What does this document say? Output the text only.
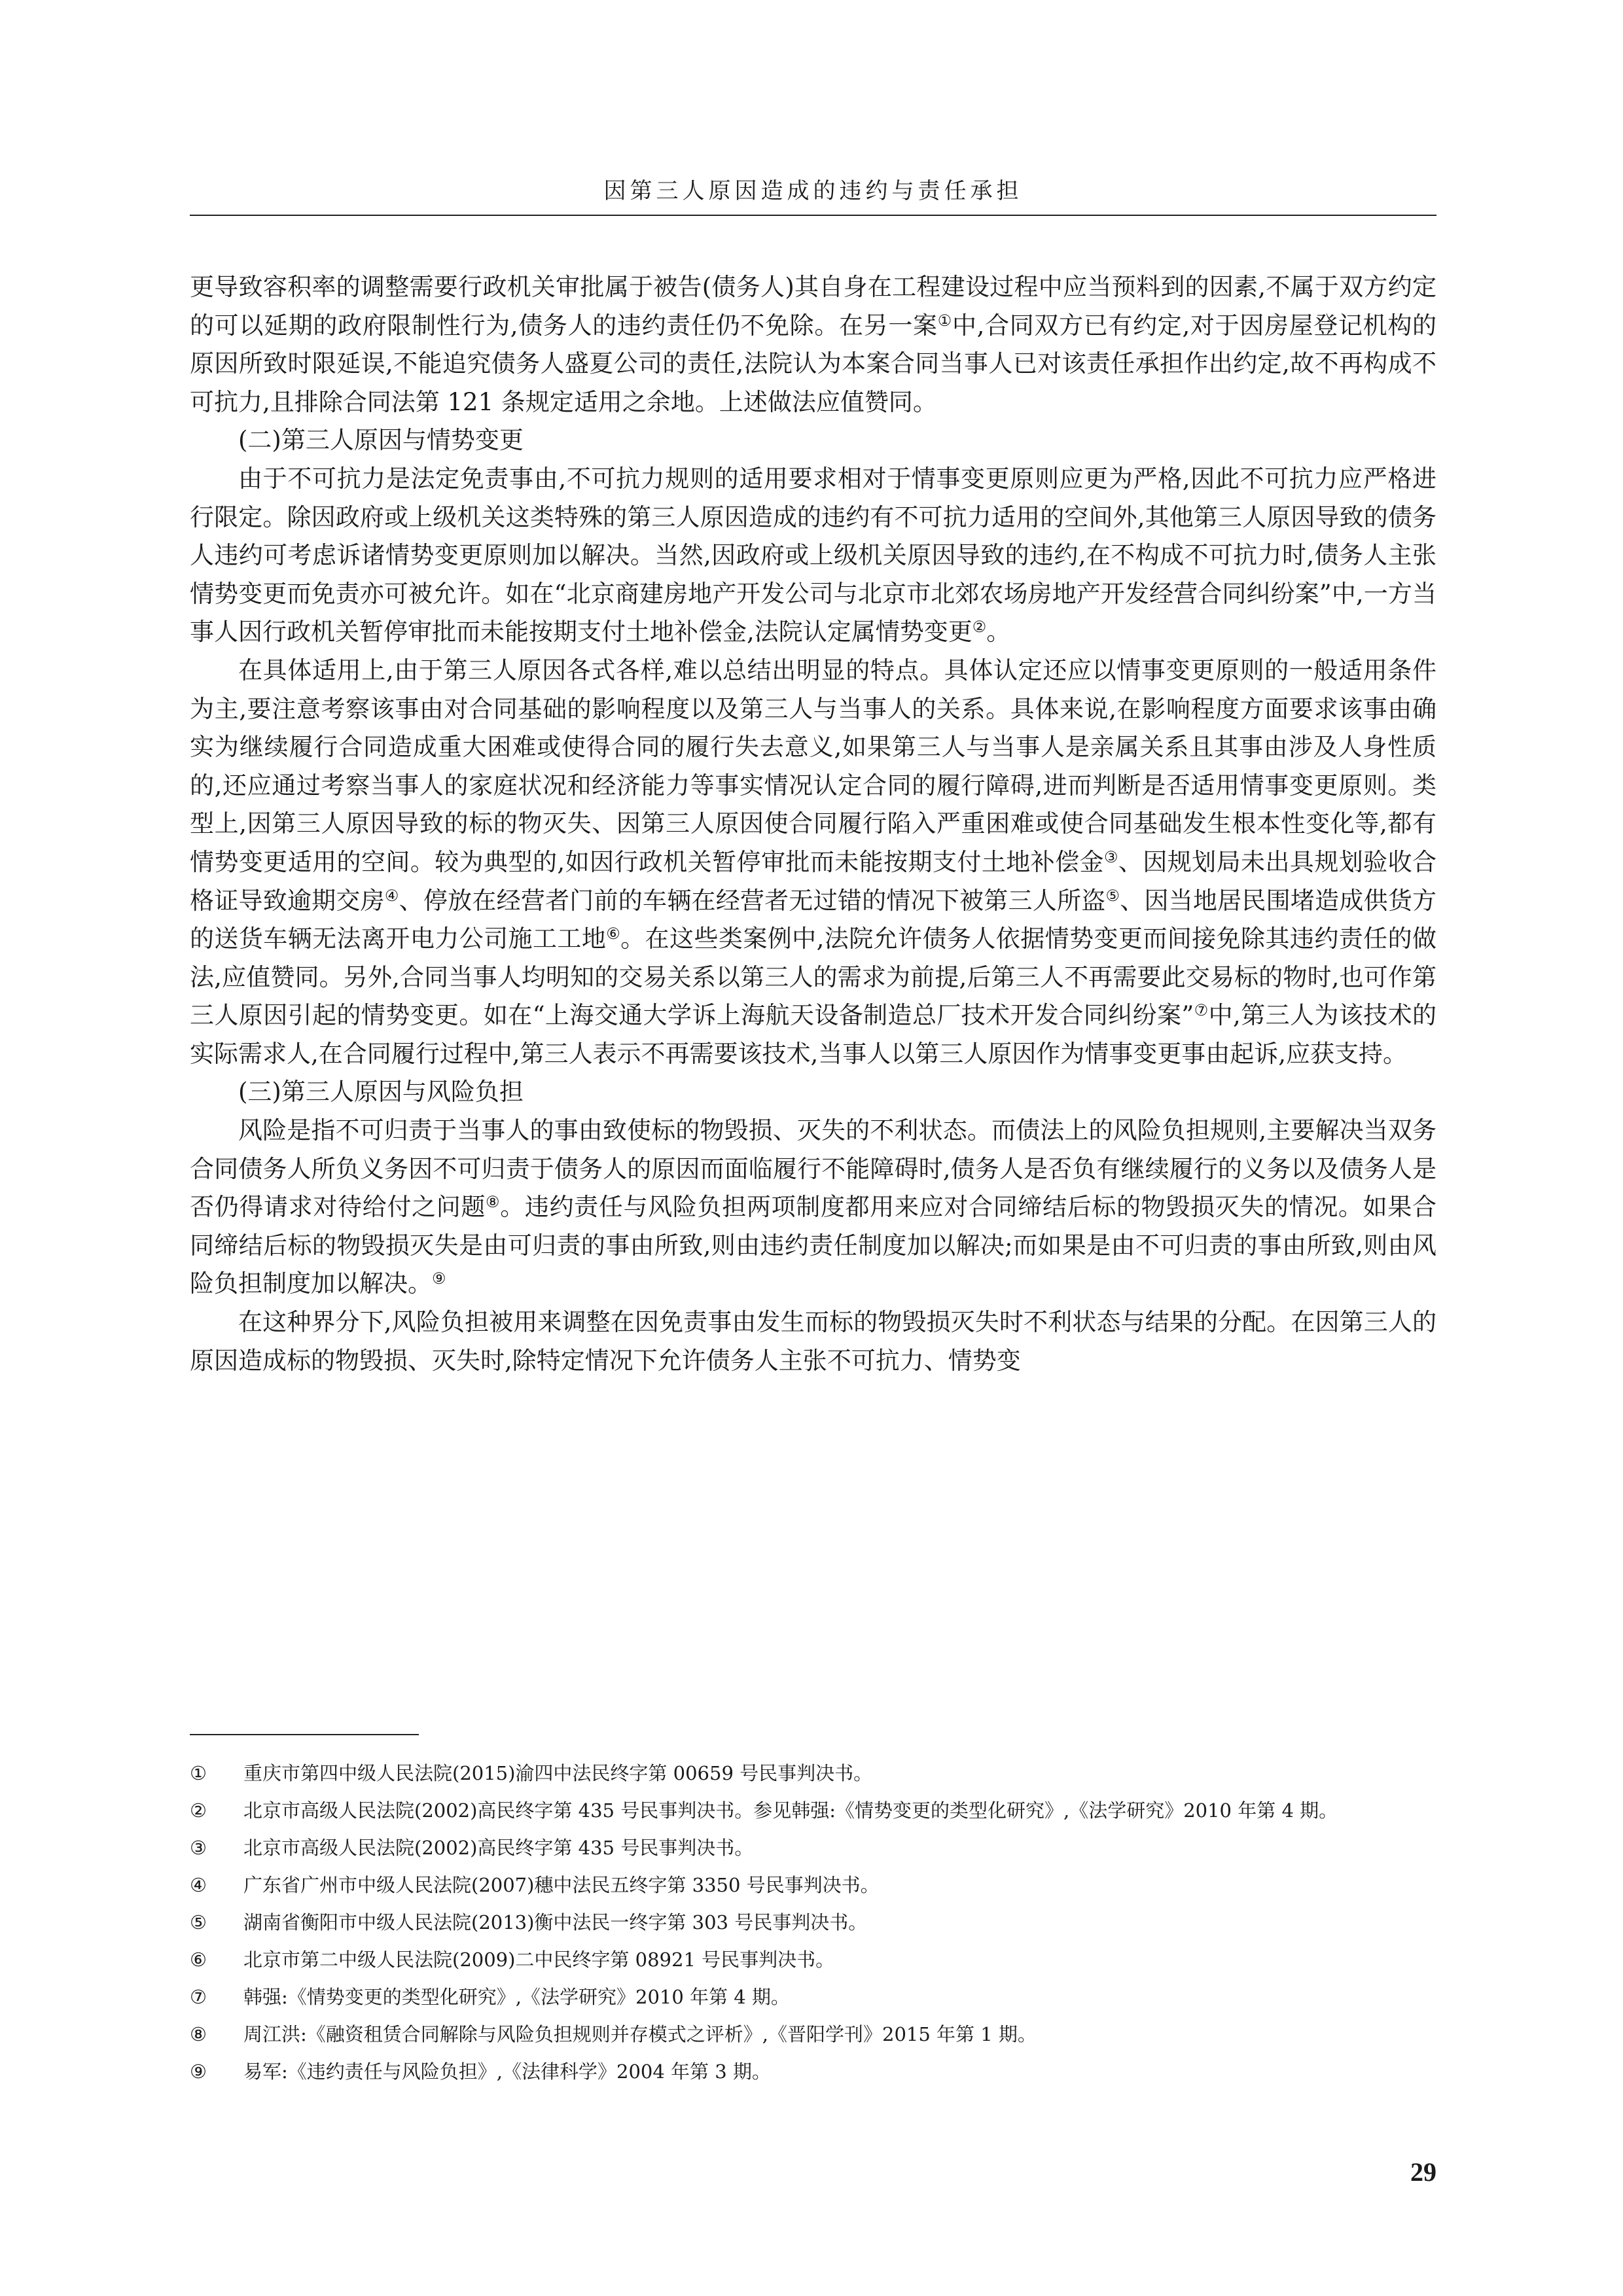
因第三人原因造成的违约与责任承担

更导致容积率的调整需要行政机关审批属于被告(债务人)其自身在工程建设过程中应当预料到的因素,不属于双方约定的可以延期的政府限制性行为,债务人的违约责任仍不免除。在另一案①中,合同双方已有约定,对于因房屋登记机构的原因所致时限延误,不能追究债务人盛夏公司的责任,法院认为本案合同当事人已对该责任承担作出约定,故不再构成不可抗力,且排除合同法第 121 条规定适用之余地。上述做法应值赞同。

(二)第三人原因与情势变更

由于不可抗力是法定免责事由,不可抗力规则的适用要求相对于情事变更原则应更为严格,因此不可抗力应严格进行限定。除因政府或上级机关这类特殊的第三人原因造成的违约有不可抗力适用的空间外,其他第三人原因导致的债务人违约可考虑诉诸情势变更原则加以解决。当然,因政府或上级机关原因导致的违约,在不构成不可抗力时,债务人主张情势变更而免责亦可被允许。如在“北京商建房地产开发公司与北京市北郊农场房地产开发经营合同纠纷案”中,一方当事人因行政机关暂停审批而未能按期支付土地补偿金,法院认定属情势变更②。

在具体适用上,由于第三人原因各式各样,难以总结出明显的特点。具体认定还应以情事变更原则的一般适用条件为主,要注意考察该事由对合同基础的影响程度以及第三人与当事人的关系。具体来说,在影响程度方面要求该事由确实为继续履行合同造成重大困难或使得合同的履行失去意义,如果第三人与当事人是亲属关系且其事由涉及人身性质的,还应通过考察当事人的家庭状况和经济能力等事实情况认定合同的履行障碍,进而判断是否适用情事变更原则。类型上,因第三人原因导致的标的物灭失、因第三人原因使合同履行陷入严重困难或使合同基础发生根本性变化等,都有情势变更适用的空间。较为典型的,如因行政机关暂停审批而未能按期支付土地补偿金③、因规划局未出具规划验收合格证导致逾期交房④、停放在经营者门前的车辆在经营者无过错的情况下被第三人所盗⑤、因当地居民围堵造成供货方的送货车辆无法离开电力公司施工工地⑥。在这些类案例中,法院允许债务人依据情势变更而间接免除其违约责任的做法,应值赞同。另外,合同当事人均明知的交易关系以第三人的需求为前提,后第三人不再需要此交易标的物时,也可作第三人原因引起的情势变更。如在“上海交通大学诉上海航天设备制造总厂技术开发合同纠纷案”⑦中,第三人为该技术的实际需求人,在合同履行过程中,第三人表示不再需要该技术,当事人以第三人原因作为情事变更事由起诉,应获支持。

(三)第三人原因与风险负担

风险是指不可归责于当事人的事由致使标的物毁损、灭失的不利状态。而债法上的风险负担规则,主要解决当双务合同债务人所负义务因不可归责于债务人的原因而面临履行不能障碍时,债务人是否负有继续履行的义务以及债务人是否仍得请求对待给付之问题⑧。违约责任与风险负担两项制度都用来应对合同缔结后标的物毁损灭失的情况。如果合同缔结后标的物毁损灭失是由可归责的事由所致,则由违约责任制度加以解决;而如果是由不可归责的事由所致,则由风险负担制度加以解决。⑨

在这种界分下,风险负担被用来调整在因免责事由发生而标的物毁损灭失时不利状态与结果的分配。在因第三人的原因造成标的物毁损、灭失时,除特定情况下允许债务人主张不可抗力、情势变

①	重庆市第四中级人民法院(2015)渝四中法民终字第 00659 号民事判决书。
②	北京市高级人民法院(2002)高民终字第 435 号民事判决书。参见韩强:《情势变更的类型化研究》,《法学研究》2010 年第 4 期。
③	北京市高级人民法院(2002)高民终字第 435 号民事判决书。
④	广东省广州市中级人民法院(2007)穗中法民五终字第 3350 号民事判决书。
⑤	湖南省衡阳市中级人民法院(2013)衡中法民一终字第 303 号民事判决书。
⑥	北京市第二中级人民法院(2009)二中民终字第 08921 号民事判决书。
⑦	韩强:《情势变更的类型化研究》,《法学研究》2010 年第 4 期。
⑧	周江洪:《融资租赁合同解除与风险负担规则并存模式之评析》,《晋阳学刊》2015 年第 1 期。
⑨	易军:《违约责任与风险负担》,《法律科学》2004 年第 3 期。
29
